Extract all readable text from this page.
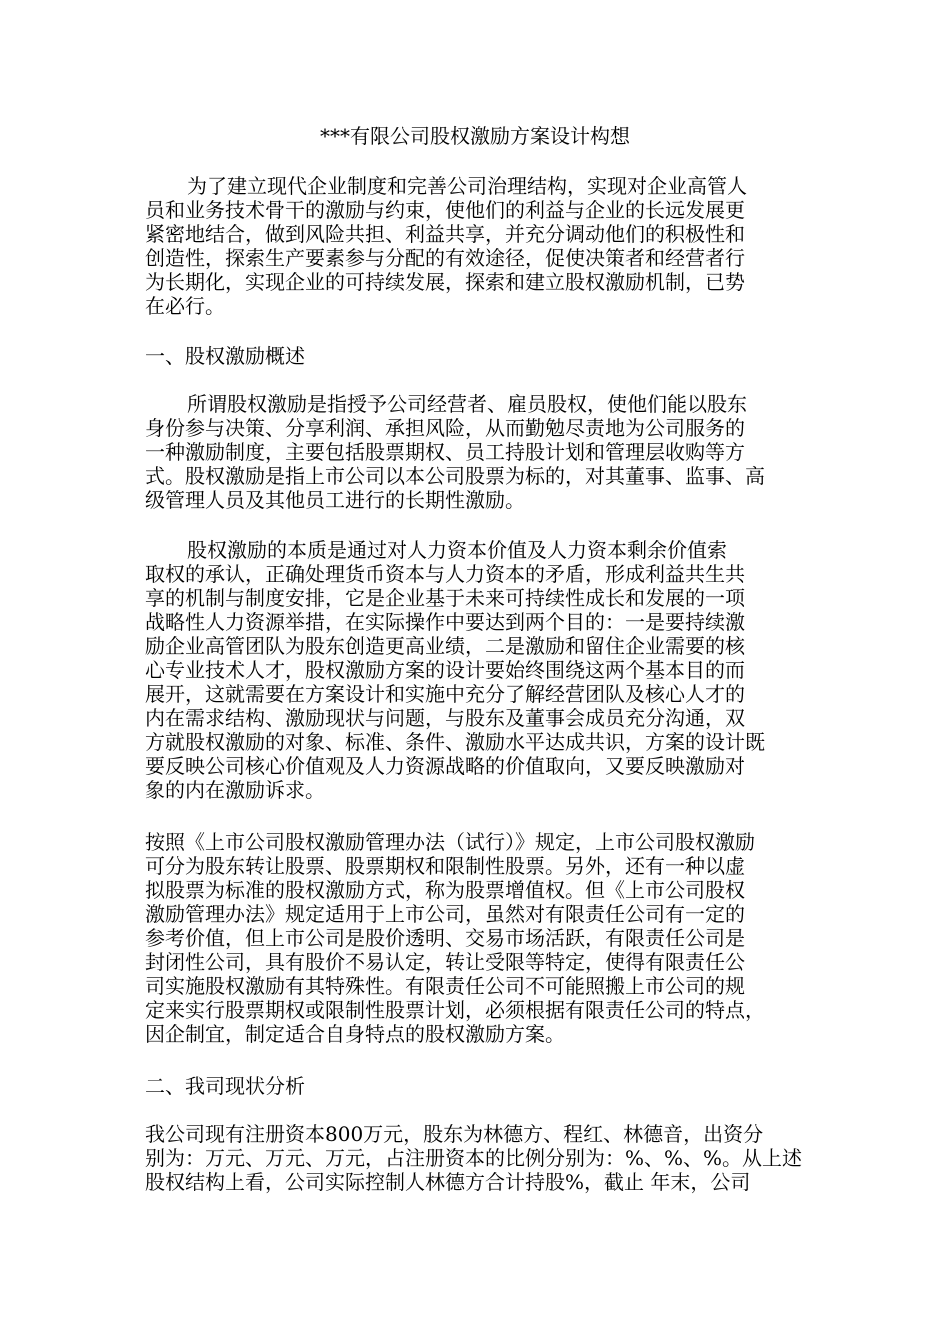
***有限公司股权激励方案设计构想
为了建立现代企业制度和完善公司治理结构，实现对企业高管人
员和业务技术骨干的激励与约束，使他们的利益与企业的长远发展更
紧密地结合，做到风险共担、利益共享，并充分调动他们的积极性和
创造性，探索生产要素参与分配的有效途径，促使决策者和经营者行
为长期化，实现企业的可持续发展，探索和建立股权激励机制，已势
在必行。
一、股权激励概述
所谓股权激励是指授予公司经营者、雇员股权，使他们能以股东
身份参与决策、分享利润、承担风险，从而勤勉尽责地为公司服务的
一种激励制度，主要包括股票期权、员工持股计划和管理层收购等方
式。股权激励是指上市公司以本公司股票为标的，对其董事、监事、高
级管理人员及其他员工进行的长期性激励。
股权激励的本质是通过对人力资本价值及人力资本剩余价值索
取权的承认，正确处理货币资本与人力资本的矛盾，形成利益共生共
享的机制与制度安排，它是企业基于未来可持续性成长和发展的一项
战略性人力资源举措，在实际操作中要达到两个目的：一是要持续激
励企业高管团队为股东创造更高业绩，二是激励和留住企业需要的核
心专业技术人才，股权激励方案的设计要始终围绕这两个基本目的而
展开，这就需要在方案设计和实施中充分了解经营团队及核心人才的
内在需求结构、激励现状与问题，与股东及董事会成员充分沟通，双
方就股权激励的对象、标准、条件、激励水平达成共识，方案的设计既
要反映公司核心价值观及人力资源战略的价值取向，又要反映激励对
象的内在激励诉求。
按照《上市公司股权激励管理办法（试行）》规定，上市公司股权激励
可分为股东转让股票、股票期权和限制性股票。另外，还有一种以虚
拟股票为标准的股权激励方式，称为股票增值权。但《上市公司股权
激励管理办法》规定适用于上市公司，虽然对有限责任公司有一定的
参考价值，但上市公司是股价透明、交易市场活跃，有限责任公司是
封闭性公司，具有股价不易认定，转让受限等特定，使得有限责任公
司实施股权激励有其特殊性。有限责任公司不可能照搬上市公司的规
定来实行股票期权或限制性股票计划，必须根据有限责任公司的特点，
因企制宜，制定适合自身特点的股权激励方案。
二、我司现状分析
我公司现有注册资本800万元，股东为林德方、程红、林德音，出资分
别为：万元、万元、万元，占注册资本的比例分别为：%、%、%。从上述
股权结构上看，公司实际控制人林德方合计持股%，截止 年末，公司
